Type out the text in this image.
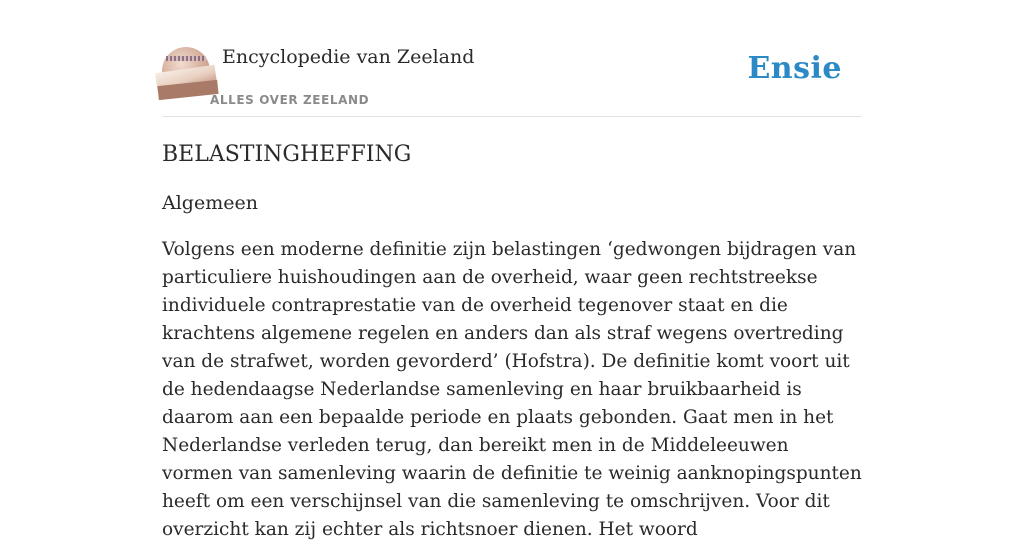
Encyclopedie van Zeeland
ALLES OVER ZEELAND
Ensie
BELASTINGHEFFING
Algemeen

Volgens een moderne definitie zijn belastingen ‘gedwongen bijdragen van particuliere huishoudingen aan de overheid, waar geen rechtstreekse individuele contraprestatie van de overheid tegenover staat en die krachtens algemene regelen en anders dan als straf wegens overtreding van de strafwet, worden gevorderd’ (Hofstra). De definitie komt voort uit de hedendaagse Nederlandse samenleving en haar bruikbaarheid is daarom aan een bepaalde periode en plaats gebonden. Gaat men in het Nederlandse verleden terug, dan bereikt men in de Middeleeuwen vormen van samenleving waarin de definitie te weinig aanknopingspunten heeft om een verschijnsel van die samenleving te omschrijven. Voor dit overzicht kan zij echter als richtsnoer dienen. Het woord
